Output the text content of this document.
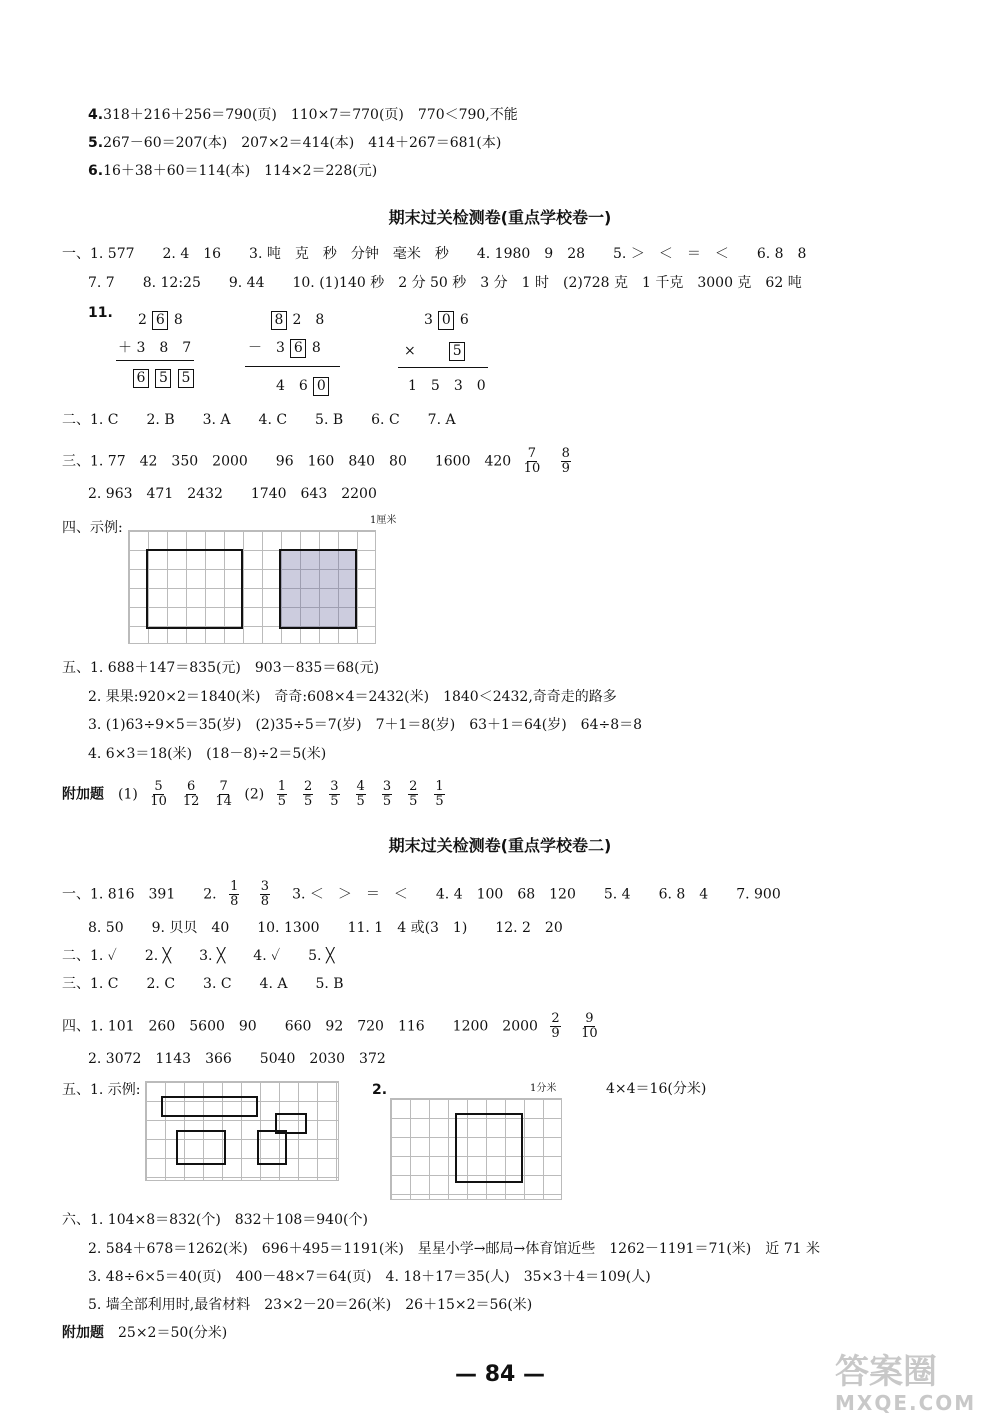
4.318＋216＋256＝790(页)　110×7＝770(页)　770＜790,不能
5.267－60＝207(本)　207×2＝414(本)　414＋267＝681(本)
6.16＋38＋60＝114(本)　114×2＝228(元)
期末过关检测卷(重点学校卷一)
一、1. 577　　2. 4　16　　3. 吨　克　秒　分钟　毫米　秒　　4. 1980　9　28　　5. ＞　＜　＝　＜　　6. 8　8
7. 7　　8. 12:25　　9. 44　　10. (1)140 秒　2 分 50 秒　3 分　1 时　(2)728 克　1 千克　3000 克　62 吨
11. 2 6 8
＋ 3　8　7
6 5 5
8 2　8
－　3 6 8
4　6 0
3 0 6
×　　	5
1　5　3　0
二、1. C　　2. B　　3. A　　4. C　　5. B　　6. C　　7. A
三、1. 77　42　350　2000　　96　160　840　80　　1600　$420 \frac{7}{10}$
$\frac{8}{9}$
2. 963　471　2432　　1740　643　2200
四、示例:	1厘米
五、1. 688＋147＝835(元)　903－835＝68(元)
2. 果果:920×2＝1840(米)　奇奇:608×4＝2432(米)　1840＜2432,奇奇走的路多
3. (1)63÷9×5＝35(岁)　(2)35÷5＝7(岁)　7＋1＝8(岁)　63＋1＝64(岁)　64÷8＝8
4. 6×3＝18(米)　(18－8)÷2＝5(米)
附加题　 $(1) \frac{5}{10} \frac{6}{12} \frac{7}{14} (2) \frac{1}{5} \frac{2}{5} \frac{3}{5} \frac{4}{5} \frac{3}{5} \frac{2}{5} \frac{1}{5}$
期末过关检测卷(重点学校卷二)
一、1. 816　391　　2. $\frac{1}{8}$
$\frac{3}{8}$
　 3. ＜　＞　＝　＜　　4. 4　100　68　120　　5. 4　　6. 8　4　　7. 900
8. 50　　9. 贝贝　40　　10. 1300　　11. 1　4 或(3　1)　　12. 2　20
二、1. ✓　　2. ╳　　3. ╳　　4. ✓　　5. ╳
三、1. C　　2. C　　3. C　　4. A　　5. B
四、1. 101　260　5600　90　　660　92　720　116　　1200　$2000 \frac{2}{9}$
$\frac{9}{10}$
2. 3072　1143　366　　5040　2030　372
五、1. 示例:	2.	1分米	4×4＝16(分米)
六、1. 104×8＝832(个)　832＋108＝940(个)
2. 584＋678＝1262(米)　696＋495＝1191(米)　星星小学→邮局→体育馆近些　1262－1191＝71(米)　近 71 米
3. 48÷6×5＝40(页)　400－48×7＝64(页)　4. 18＋17＝35(人)　35×3＋4＝109(人)
5. 墙全部利用时,最省材料　23×2－20＝26(米)　26＋15×2＝56(米)
附加题　 25×2＝50(分米)
— 84 —	答案圈
MXQE.COM
